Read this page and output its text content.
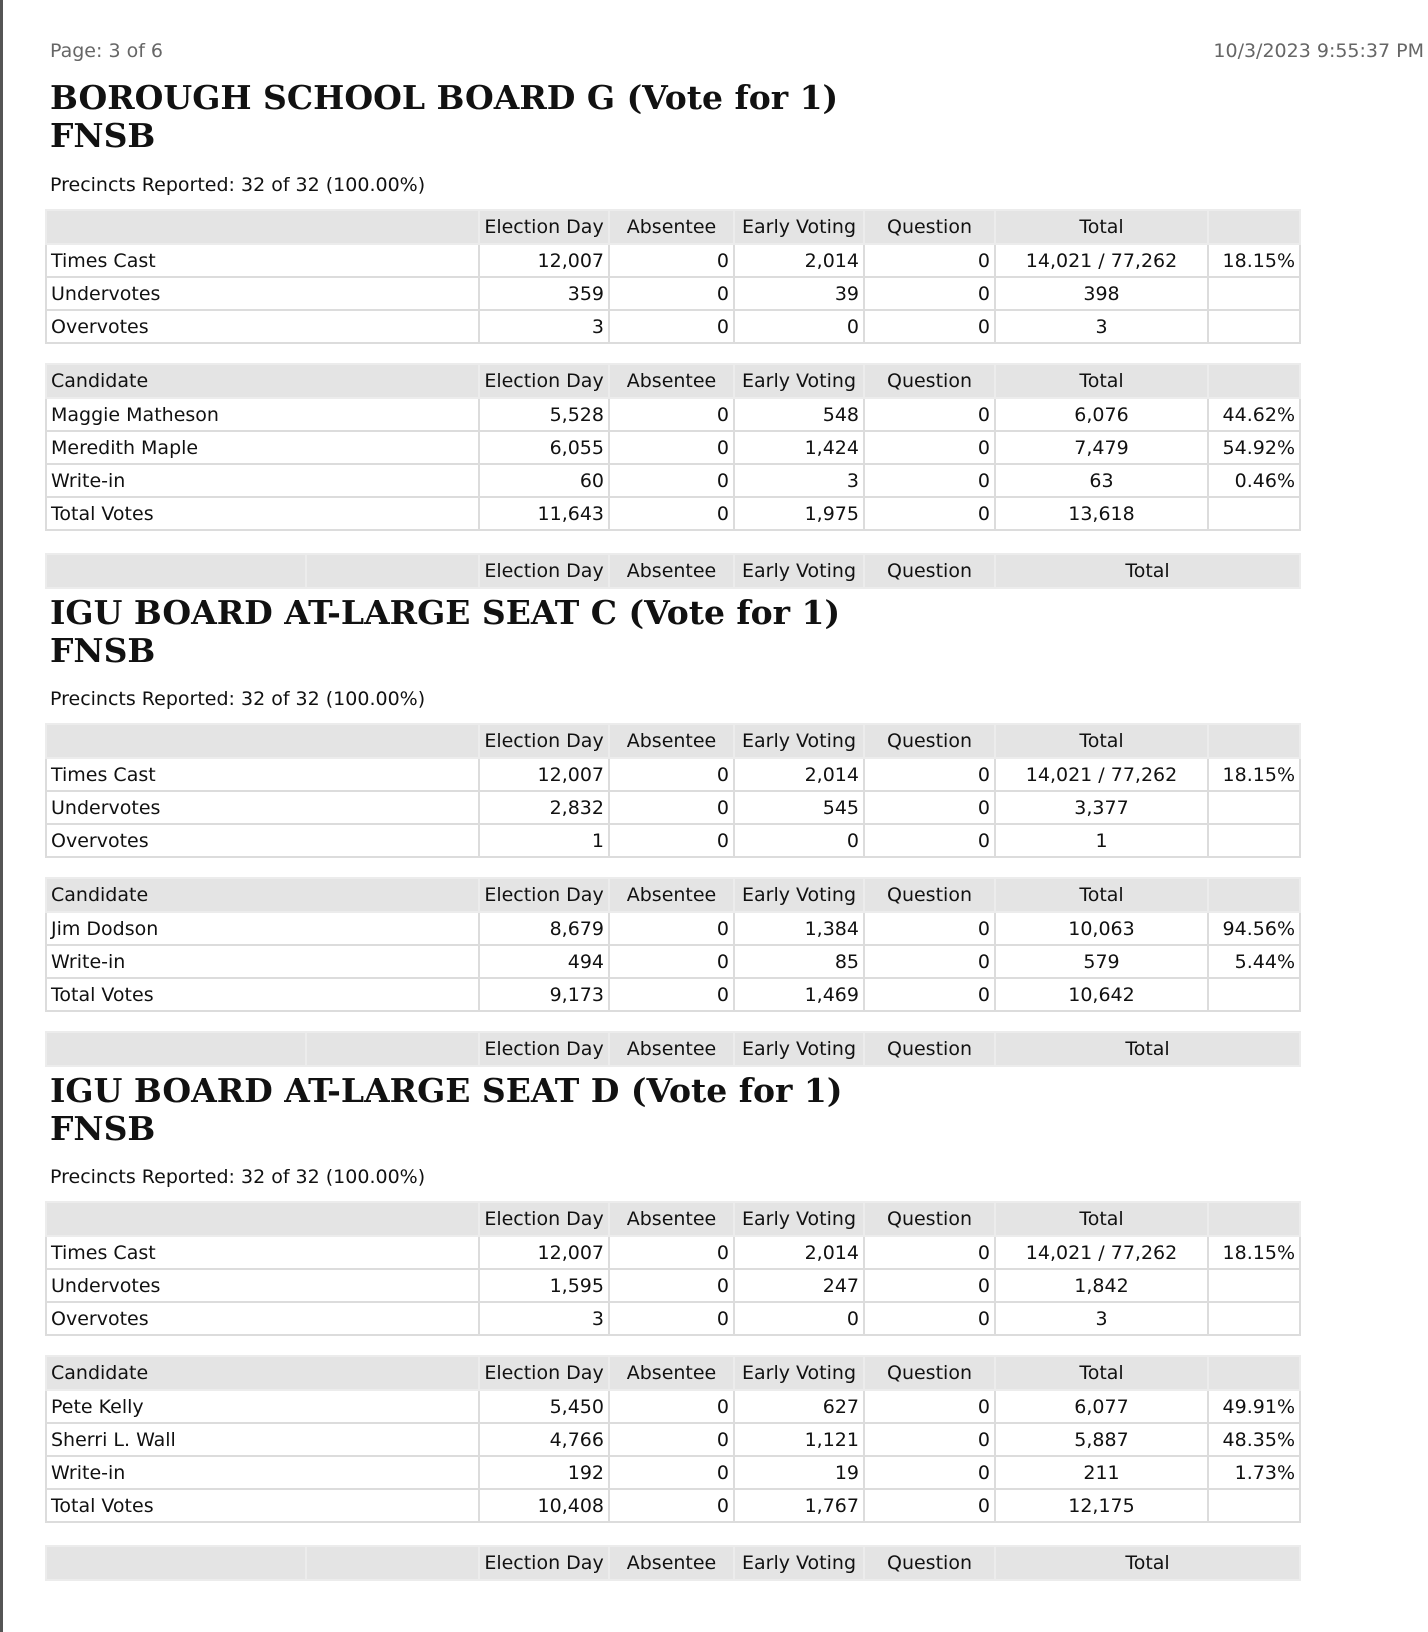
Page: 3 of 6	10/3/2023 9:55:37 PM
BOROUGH SCHOOL BOARD G (Vote for 1)
FNSB
Precincts Reported: 32 of 32 (100.00%)
	Election Day	Absentee	Early Voting	Question	Total	
Times Cast	12,007	0	2,014	0	14,021 / 77,262	18.15%
Undervotes	359	0	39	0	398	
Overvotes	3	0	0	0	3	
Candidate	Election Day	Absentee	Early Voting	Question	Total	
Maggie Matheson	5,528	0	548	0	6,076	44.62%
Meredith Maple	6,055	0	1,424	0	7,479	54.92%
Write-in	60	0	3	0	63	0.46%
Total Votes	11,643	0	1,975	0	13,618	
		Election Day	Absentee	Early Voting	Question	Total
IGU BOARD AT-LARGE SEAT C (Vote for 1)
FNSB
Precincts Reported: 32 of 32 (100.00%)
	Election Day	Absentee	Early Voting	Question	Total	
Times Cast	12,007	0	2,014	0	14,021 / 77,262	18.15%
Undervotes	2,832	0	545	0	3,377	
Overvotes	1	0	0	0	1	
Candidate	Election Day	Absentee	Early Voting	Question	Total	
Jim Dodson	8,679	0	1,384	0	10,063	94.56%
Write-in	494	0	85	0	579	5.44%
Total Votes	9,173	0	1,469	0	10,642	
		Election Day	Absentee	Early Voting	Question	Total
IGU BOARD AT-LARGE SEAT D (Vote for 1)
FNSB
Precincts Reported: 32 of 32 (100.00%)
	Election Day	Absentee	Early Voting	Question	Total	
Times Cast	12,007	0	2,014	0	14,021 / 77,262	18.15%
Undervotes	1,595	0	247	0	1,842	
Overvotes	3	0	0	0	3	
Candidate	Election Day	Absentee	Early Voting	Question	Total	
Pete Kelly	5,450	0	627	0	6,077	49.91%
Sherri L. Wall	4,766	0	1,121	0	5,887	48.35%
Write-in	192	0	19	0	211	1.73%
Total Votes	10,408	0	1,767	0	12,175	
		Election Day	Absentee	Early Voting	Question	Total
